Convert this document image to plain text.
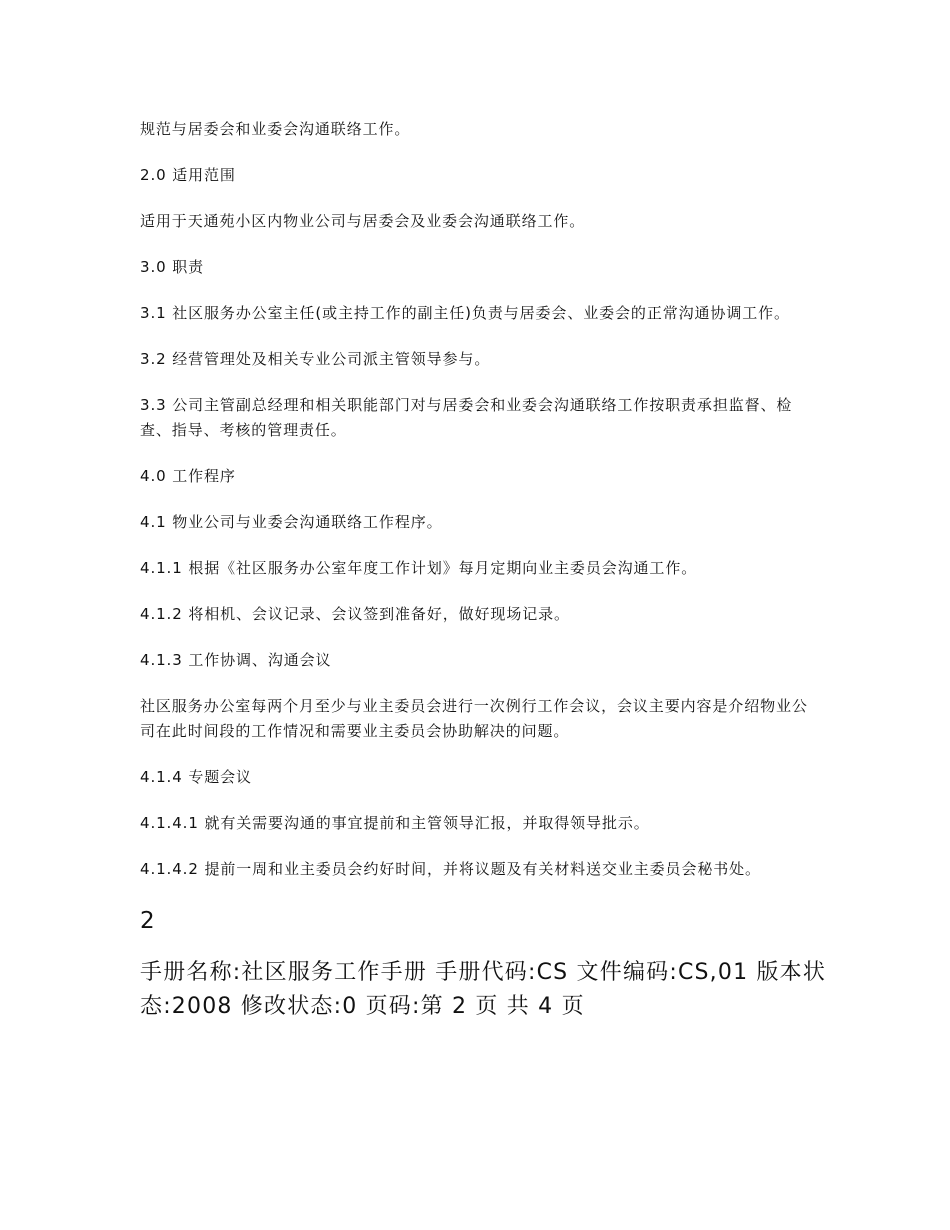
规范与居委会和业委会沟通联络工作。

2.0 适用范围

适用于天通苑小区内物业公司与居委会及业委会沟通联络工作。

3.0 职责

3.1 社区服务办公室主任(或主持工作的副主任)负责与居委会、业委会的正常沟通协调工作。

3.2 经营管理处及相关专业公司派主管领导参与。

3.3 公司主管副总经理和相关职能部门对与居委会和业委会沟通联络工作按职责承担监督、检查、指导、考核的管理责任。

4.0 工作程序

4.1 物业公司与业委会沟通联络工作程序。

4.1.1 根据《社区服务办公室年度工作计划》每月定期向业主委员会沟通工作。

4.1.2 将相机、会议记录、会议签到准备好，做好现场记录。

4.1.3 工作协调、沟通会议

社区服务办公室每两个月至少与业主委员会进行一次例行工作会议，会议主要内容是介绍物业公司在此时间段的工作情况和需要业主委员会协助解决的问题。

4.1.4 专题会议

4.1.4.1 就有关需要沟通的事宜提前和主管领导汇报，并取得领导批示。

4.1.4.2 提前一周和业主委员会约好时间，并将议题及有关材料送交业主委员会秘书处。

2
手册名称:社区服务工作手册 手册代码:CS 文件编码:CS,01 版本状态:2008 修改状态:0 页码:第 2 页 共 4 页
